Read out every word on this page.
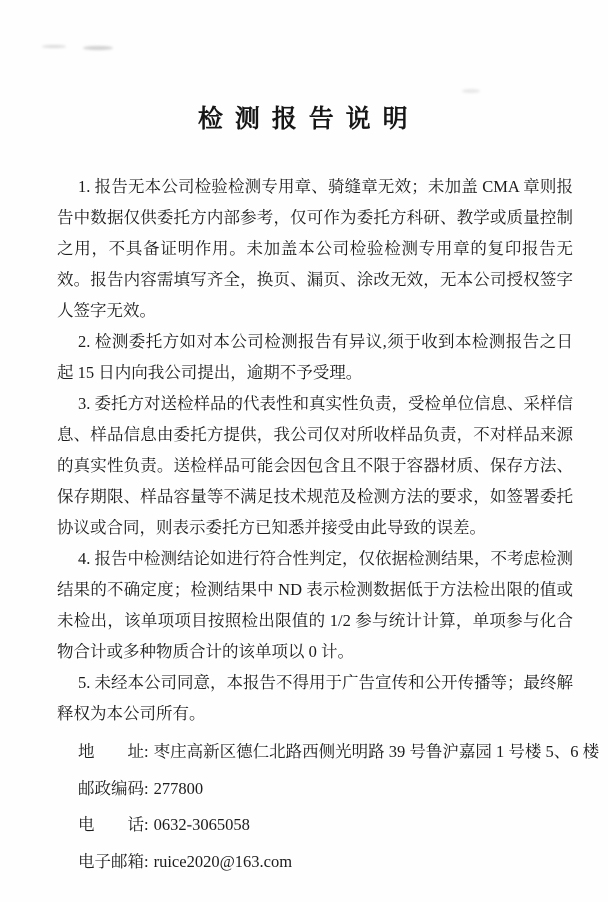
检 测 报 告 说 明

1. 报告无本公司检验检测专用章、骑缝章无效；未加盖 CMA 章则报告中数据仅供委托方内部参考，仅可作为委托方科研、教学或质量控制之用，不具备证明作用。未加盖本公司检验检测专用章的复印报告无效。报告内容需填写齐全，换页、漏页、涂改无效，无本公司授权签字人签字无效。

2. 检测委托方如对本公司检测报告有异议,须于收到本检测报告之日起 15 日内向我公司提出，逾期不予受理。

3. 委托方对送检样品的代表性和真实性负责，受检单位信息、采样信息、样品信息由委托方提供，我公司仅对所收样品负责，不对样品来源的真实性负责。送检样品可能会因包含且不限于容器材质、保存方法、保存期限、样品容量等不满足技术规范及检测方法的要求，如签署委托协议或合同，则表示委托方已知悉并接受由此导致的误差。

4. 报告中检测结论如进行符合性判定，仅依据检测结果，不考虑检测结果的不确定度；检测结果中 ND 表示检测数据低于方法检出限的值或未检出，该单项项目按照检出限值的 1/2 参与统计计算，单项参与化合物合计或多种物质合计的该单项以 0 计。

5. 未经本公司同意，本报告不得用于广告宣传和公开传播等；最终解释权为本公司所有。

地　　址: 枣庄高新区德仁北路西侧光明路 39 号鲁沪嘉园 1 号楼 5、6 楼
邮政编码: 277800
电　　话: 0632-3065058
电子邮箱: ruice2020@163.com
